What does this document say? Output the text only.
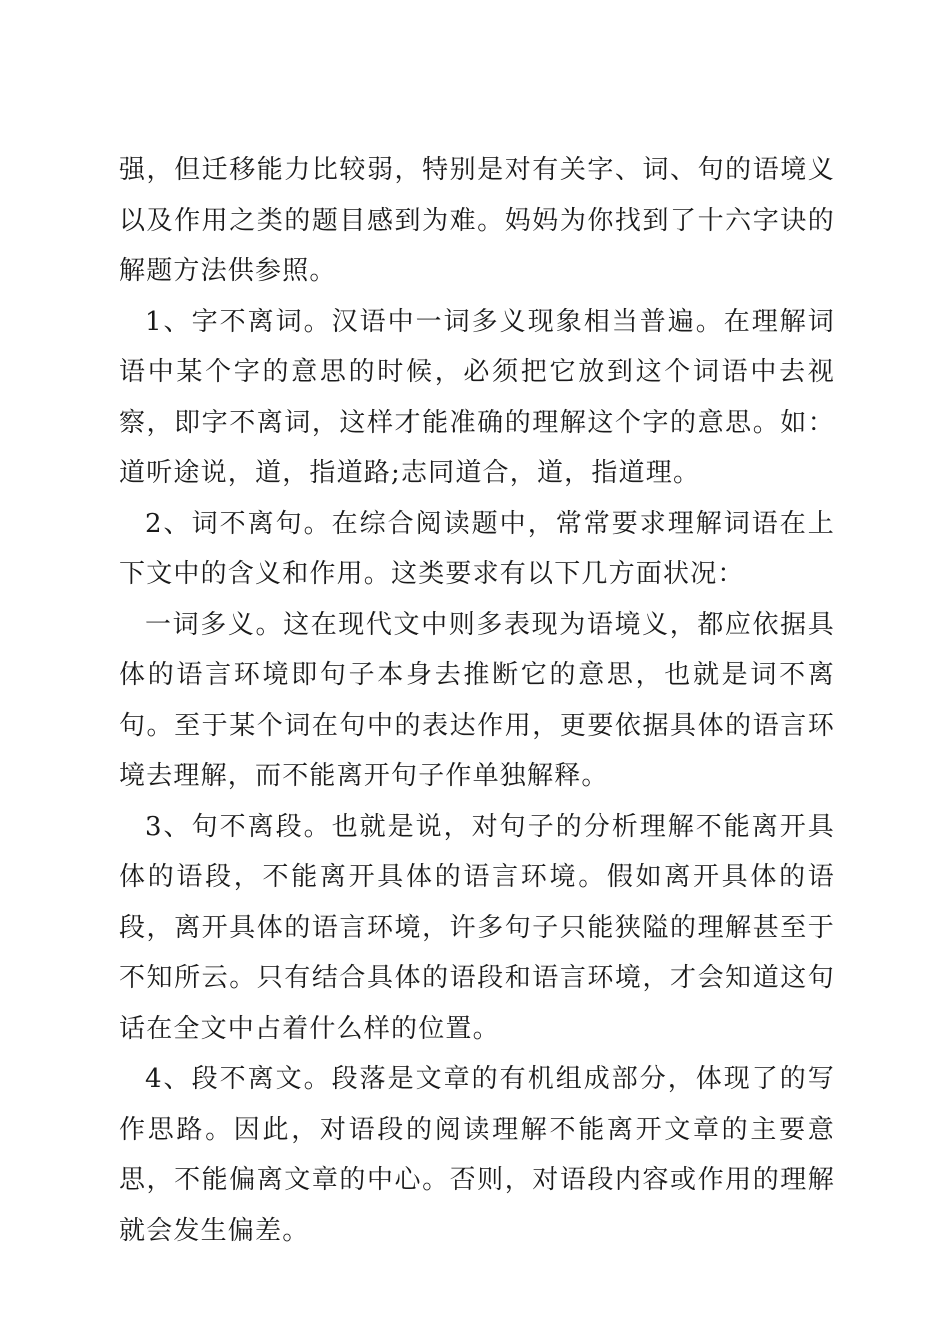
强，但迁移能力比较弱，特别是对有关字、词、句的语境义以及作用之类的题目感到为难。妈妈为你找到了十六字诀的解题方法供参照。

1、字不离词。汉语中一词多义现象相当普遍。在理解词语中某个字的意思的时候，必须把它放到这个词语中去视察，即字不离词，这样才能准确的理解这个字的意思。如：道听途说，道，指道路;志同道合，道，指道理。

2、词不离句。在综合阅读题中，常常要求理解词语在上下文中的含义和作用。这类要求有以下几方面状况：

一词多义。这在现代文中则多表现为语境义，都应依据具体的语言环境即句子本身去推断它的意思，也就是词不离句。至于某个词在句中的表达作用，更要依据具体的语言环境去理解，而不能离开句子作单独解释。

3、句不离段。也就是说，对句子的分析理解不能离开具体的语段，不能离开具体的语言环境。假如离开具体的语段，离开具体的语言环境，许多句子只能狭隘的理解甚至于不知所云。只有结合具体的语段和语言环境，才会知道这句话在全文中占着什么样的位置。

4、段不离文。段落是文章的有机组成部分，体现了的写作思路。因此，对语段的阅读理解不能离开文章的主要意思，不能偏离文章的中心。否则，对语段内容或作用的理解就会发生偏差。
